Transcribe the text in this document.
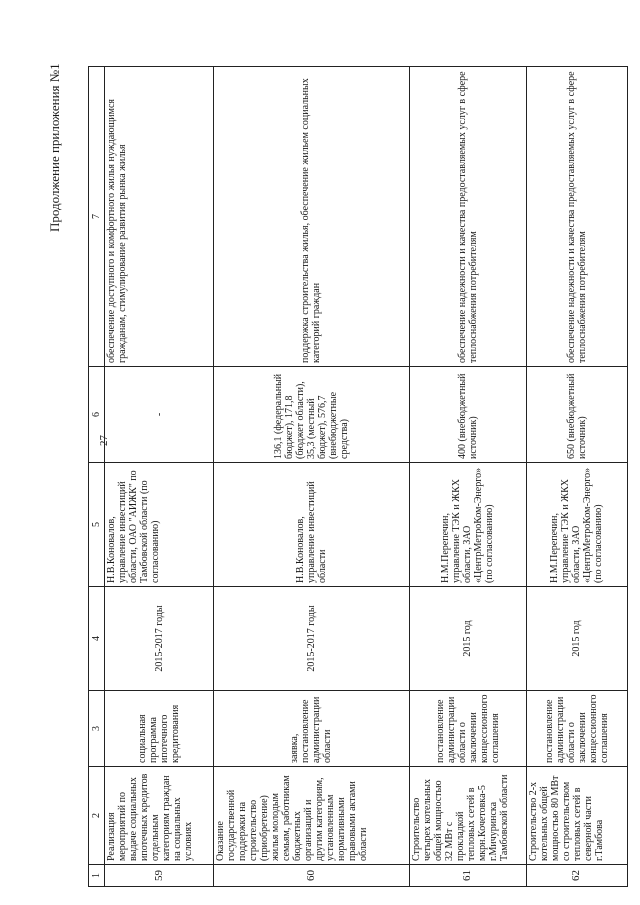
Продолжение приложения №1
27
1	2	3	4	5	6	7
59	Реализация мероприятий по выдаче социальных ипотечных кредитов отдельным категориям граждан на социальных условиях	социальная программа ипотечного кредитования	2015-2017 годы	Н.В.Коновалов, управление инвестиций области, ОАО "АИЖК" по Тамбовской области (по согласованию)	-	обеспечение доступного и комфортного жилья нуждающимся гражданам, стимулирование развития рынка жилья
60	Оказание государственной поддержки на строительство (приобретение) жилья молодым семьям, работникам бюджетных организаций и другим категориям, установленным нормативными правовыми актами области	заявка, постановление администрации области	2015-2017 годы	Н.В.Коновалов, управление инвестиций области	136,1 (федеральный бюджет), 171,8 (бюджет области), 35,3 (местный бюджет), 576,7 (внебюджетные средства)	поддержка строительства жилья, обеспечение жильем социальных категорий граждан
61	Строительство четырех котельных общей мощностью 32 МВт с прокладкой тепловых сетей в мкрн.Кочетовка-5 г.Мичуринска Тамбовской области	постановление администрации области о заключении концессионного соглашения	2015 год	Н.М.Перепечин, управление ТЭК и ЖКХ области, ЗАО «ЦентрМетроКом-Энерго» (по согласованию)	400 (внебюджетный источник)	обеспечение надежности и качества предоставляемых услуг в сфере теплоснабжения потребителям
62	Строительство 2-х котельных общей мощностью 80 МВт со строительством тепловых сетей в северной части г.Тамбова	постановление администрации области о заключении концессионного соглашения	2015 год	Н.М.Перепечин, управление ТЭК и ЖКХ области, ЗАО «ЦентрМетроКом-Энерго» (по согласованию)	650 (внебюджетный источник)	обеспечение надежности и качества предоставляемых услуг в сфере теплоснабжения потребителям
